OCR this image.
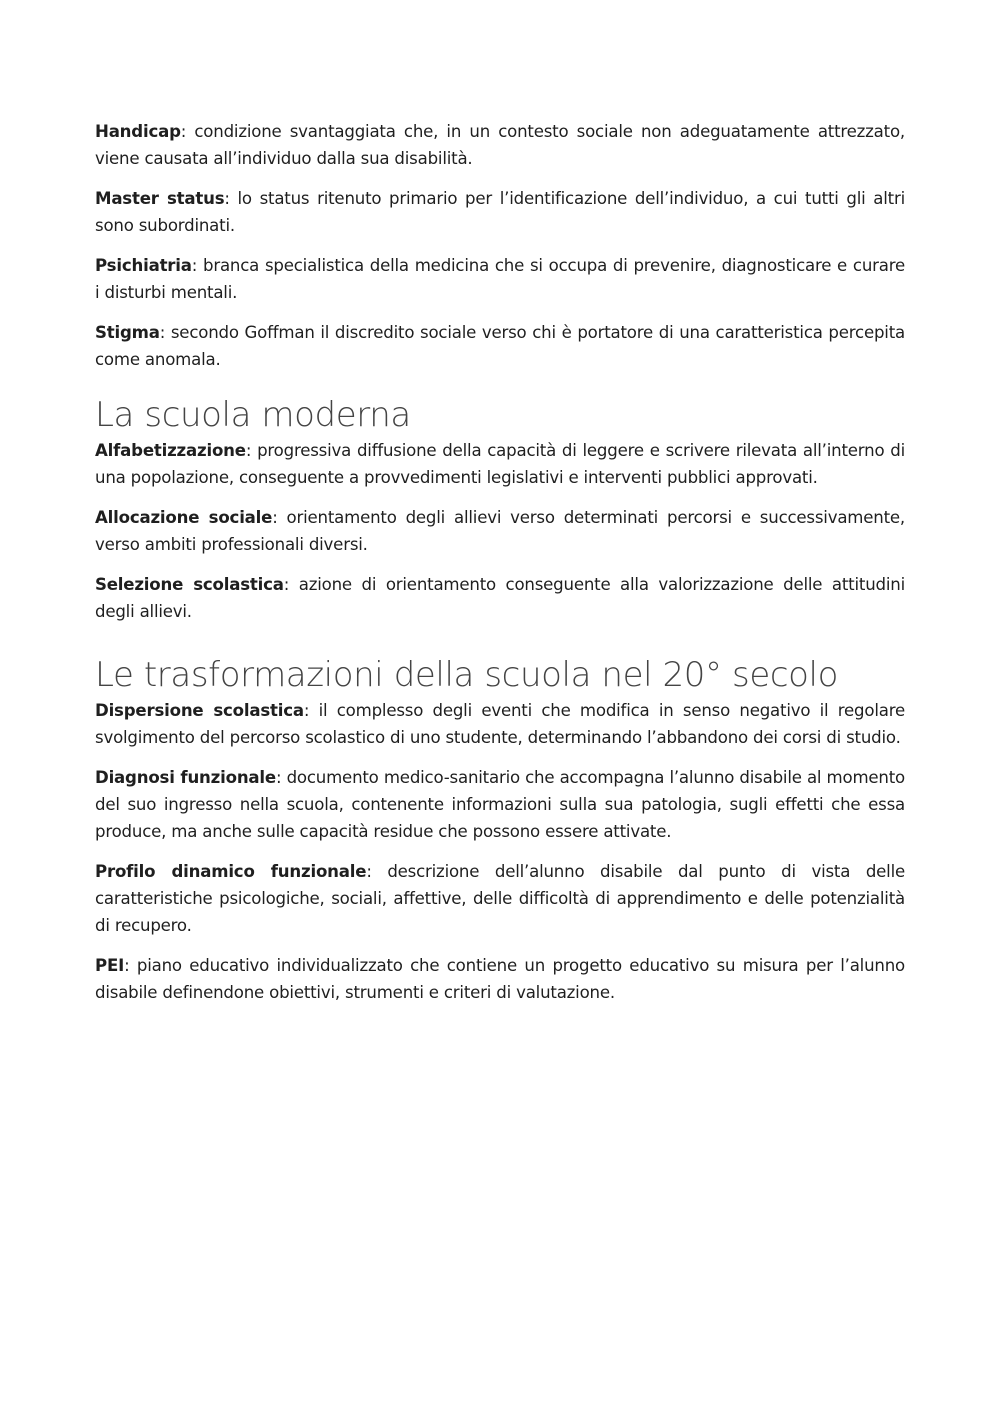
Handicap: condizione svantaggiata che, in un contesto sociale non adeguatamente attrezzato, viene causata all’individuo dalla sua disabilità.

Master status: lo status ritenuto primario per l’identificazione dell’individuo, a cui tutti gli altri sono subordinati.

Psichiatria: branca specialistica della medicina che si occupa di prevenire, diagnosticare e curare i disturbi mentali.

Stigma: secondo Goffman il discredito sociale verso chi è portatore di una caratteristica percepita come anomala.

La scuola moderna

Alfabetizzazione: progressiva diffusione della capacità di leggere e scrivere rilevata all’interno di una popolazione, conseguente a provvedimenti legislativi e interventi pubblici approvati.

Allocazione sociale: orientamento degli allievi verso determinati percorsi e successivamente, verso ambiti professionali diversi.

Selezione scolastica: azione di orientamento conseguente alla valorizzazione delle attitudini degli allievi.

Le trasformazioni della scuola nel 20° secolo

Dispersione scolastica: il complesso degli eventi che modifica in senso negativo il regolare svolgimento del percorso scolastico di uno studente, determinando l’abbandono dei corsi di studio.

Diagnosi funzionale: documento medico-sanitario che accompagna l’alunno disabile al momento del suo ingresso nella scuola, contenente informazioni sulla sua patologia, sugli effetti che essa produce, ma anche sulle capacità residue che possono essere attivate.

Profilo dinamico funzionale: descrizione dell’alunno disabile dal punto di vista delle caratteristiche psicologiche, sociali, affettive, delle difficoltà di apprendimento e delle potenzialità di recupero.

PEI: piano educativo individualizzato che contiene un progetto educativo su misura per l’alunno disabile definendone obiettivi, strumenti e criteri di valutazione.
